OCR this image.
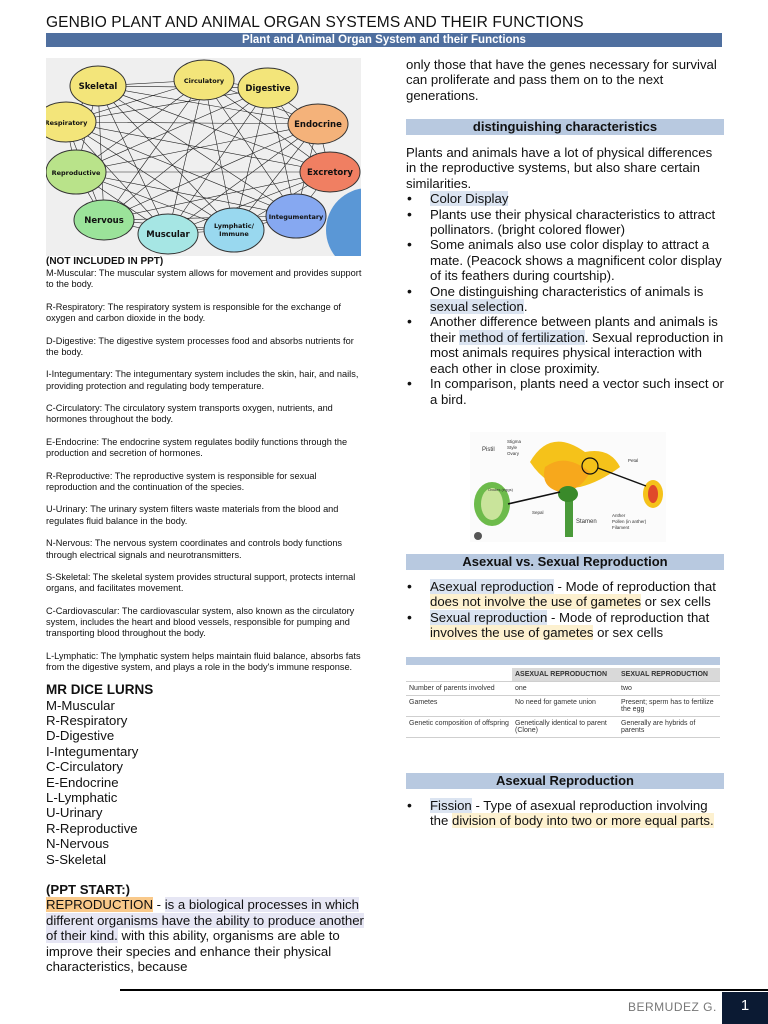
GENBIO PLANT AND ANIMAL ORGAN SYSTEMS AND THEIR FUNCTIONS
Plant and Animal Organ System and their Functions
Skeletal
Circulatory
Digestive
Respiratory	Endocrine
Reproductive	Excretory
Nervous
Muscular
Lymphatic/ Immune
Integumentary
(NOT INCLUDED IN PPT)

M-Muscular: The muscular system allows for movement and provides support to the body.

R-Respiratory: The respiratory system is responsible for the exchange of oxygen and carbon dioxide in the body.

D-Digestive: The digestive system processes food and absorbs nutrients for the body.

I-Integumentary: The integumentary system includes the skin, hair, and nails, providing protection and regulating body temperature.

C-Circulatory: The circulatory system transports oxygen, nutrients, and hormones throughout the body.

E-Endocrine: The endocrine system regulates bodily functions through the production and secretion of hormones.

R-Reproductive: The reproductive system is responsible for sexual reproduction and the continuation of the species.

U-Urinary: The urinary system filters waste materials from the blood and regulates fluid balance in the body.

N-Nervous: The nervous system coordinates and controls body functions through electrical signals and neurotransmitters.

S-Skeletal: The skeletal system provides structural support, protects internal organs, and facilitates movement.

C-Cardiovascular: The cardiovascular system, also known as the circulatory system, includes the heart and blood vessels, responsible for pumping and transporting blood throughout the body.

L-Lymphatic: The lymphatic system helps maintain fluid balance, absorbs fats from the digestive system, and plays a role in the body's immune response.

MR DICE LURNS
M-Muscular
R-Respiratory
D-Digestive
I-Integumentary
C-Circulatory
E-Endocrine
L-Lymphatic
U-Urinary
R-Reproductive
N-Nervous
S-Skeletal
(PPT START:)
REPRODUCTION - is a biological processes in which different organisms have the ability to produce another of their kind. with this ability, organisms are able to improve their species and enhance their physical characteristics, because
only those that have the genes necessary for survival can proliferate and pass them on to the next generations.
distinguishing characteristics
Plants and animals have a lot of physical differences in the reproductive systems, but also share certain similarities.
• Color Display
• Plants use their physical characteristics to attract pollinators. (bright colored flower)
• Some animals also use color display to attract a mate. (Peacock shows a magnificent color display of its feathers during courtship).
• One distinguishing characteristics of animals is sexual selection.
• Another difference between plants and animals is their method of fertilization. Sexual reproduction in most animals requires physical interaction with each other in close proximity.
• In comparison, plants need a vector such insect or a bird.
Pistil
Stigma
Style
Ovary
Petal
Ovules (eggs)
Sepal
Stamen
Anther
Pollen (in anther)
Filament
Asexual vs. Sexual Reproduction
• Asexual reproduction - Mode of reproduction that does not involve the use of gametes or sex cells
• Sexual reproduction - Mode of reproduction that involves the use of gametes or sex cells
	ASEXUAL REPRODUCTION	SEXUAL REPRODUCTION
Number of parents involved	one	two
Gametes	No need for gamete union	Present; sperm has to fertilize the egg
Genetic composition of offspring	Genetically identical to parent (Clone)	Generally are hybrids of parents
Asexual Reproduction
• Fission - Type of asexual reproduction involving the division of body into two or more equal parts.
BERMUDEZ G.	1
